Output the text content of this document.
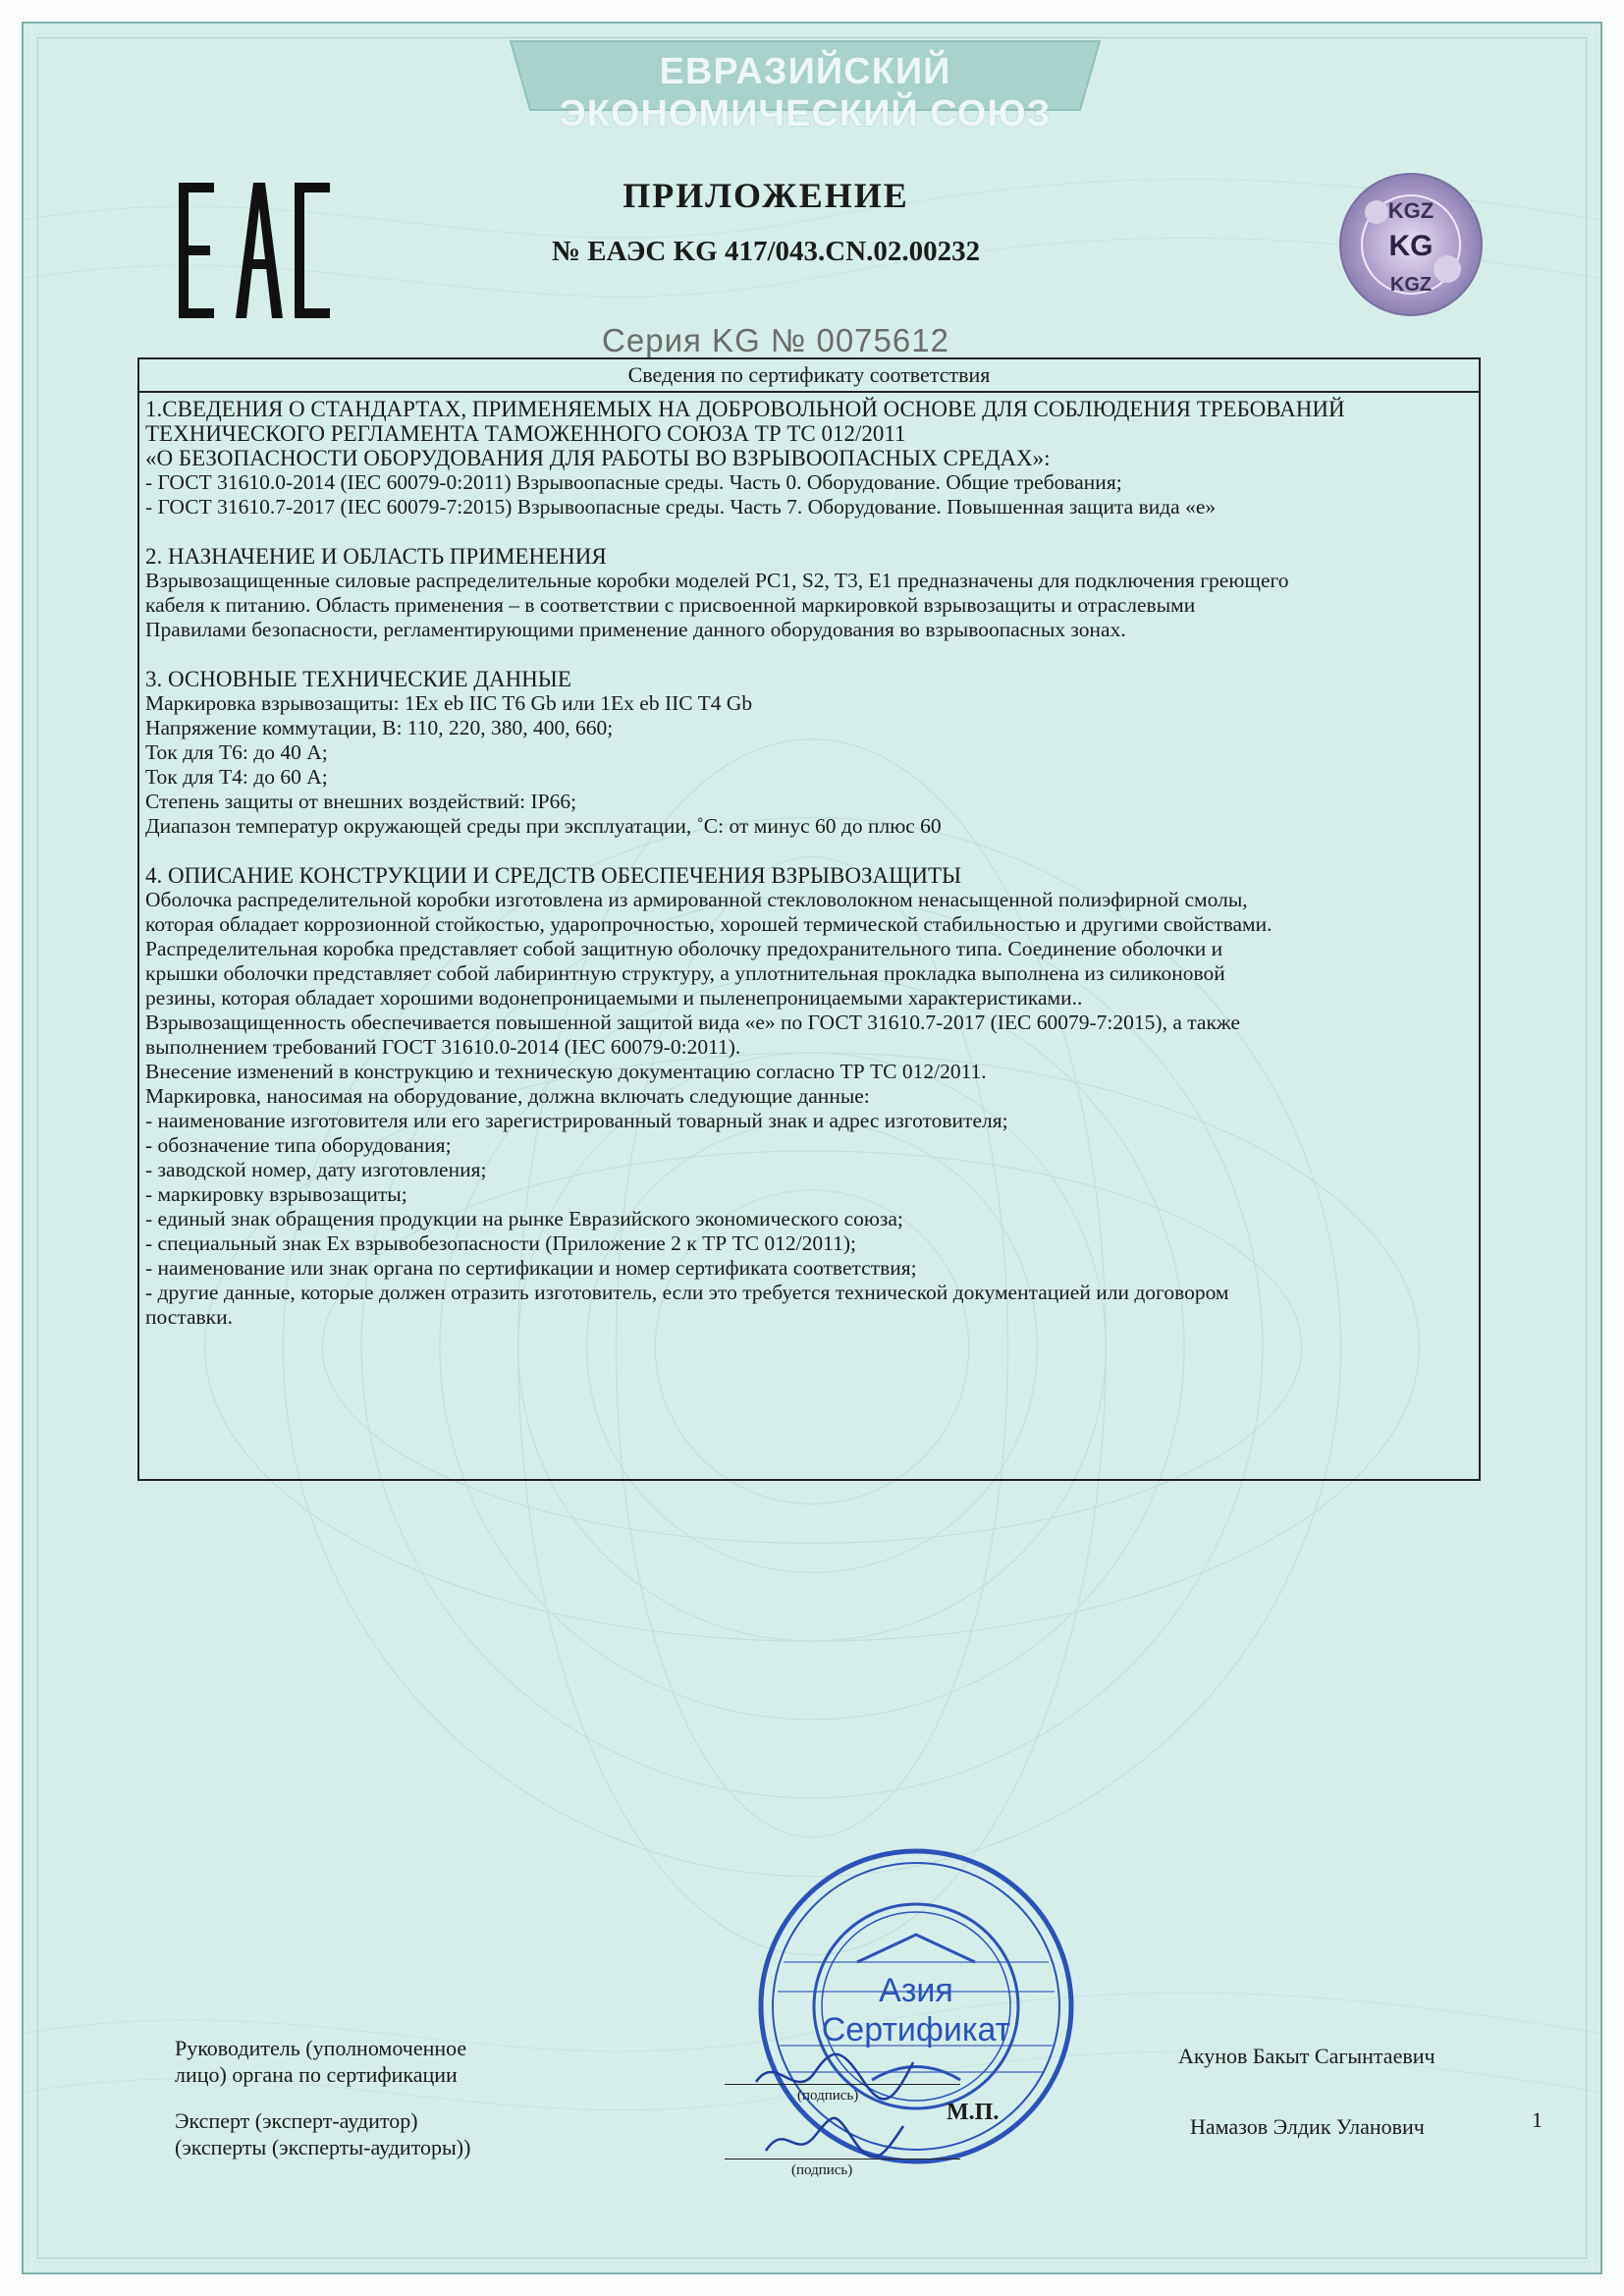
ЕВРАЗИЙСКИЙ ЭКОНОМИЧЕСКИЙ СОЮЗ
KGZ
KG
KGZ
ПРИЛОЖЕНИЕ
№ ЕАЭС KG 417/043.CN.02.00232
Серия KG № 0075612
Сведения по сертификату соответствия
1.СВЕДЕНИЯ О СТАНДАРТАХ, ПРИМЕНЯЕМЫХ НА ДОБРОВОЛЬНОЙ ОСНОВЕ ДЛЯ СОБЛЮДЕНИЯ ТРЕБОВАНИЙ
ТЕХНИЧЕСКОГО РЕГЛАМЕНТА ТАМОЖЕННОГО СОЮЗА ТР ТС 012/2011
«О БЕЗОПАСНОСТИ ОБОРУДОВАНИЯ ДЛЯ РАБОТЫ ВО ВЗРЫВООПАСНЫХ СРЕДАХ»:
- ГОСТ 31610.0-2014 (IEC 60079-0:2011) Взрывоопасные среды. Часть 0. Оборудование. Общие требования;
- ГОСТ 31610.7-2017 (IEC 60079-7:2015) Взрывоопасные среды. Часть 7. Оборудование. Повышенная защита вида «е»
2. НАЗНАЧЕНИЕ И ОБЛАСТЬ ПРИМЕНЕНИЯ
Взрывозащищенные силовые распределительные коробки моделей PC1, S2, T3, E1 предназначены для подключения греющего
кабеля к питанию. Область применения – в соответствии с присвоенной маркировкой взрывозащиты и отраслевыми
Правилами безопасности, регламентирующими применение данного оборудования во взрывоопасных зонах.
3. ОСНОВНЫЕ ТЕХНИЧЕСКИЕ ДАННЫЕ
Маркировка взрывозащиты: 1Ex eb IIC T6 Gb или 1Ex eb IIC T4 Gb
Напряжение коммутации, В: 110, 220, 380, 400, 660;
Ток для Т6: до 40 А;
Ток для Т4: до 60 А;
Степень защиты от внешних воздействий: IP66;
Диапазон температур окружающей среды при эксплуатации, ˚С: от минус 60 до плюс 60
4. ОПИСАНИЕ КОНСТРУКЦИИ И СРЕДСТВ ОБЕСПЕЧЕНИЯ ВЗРЫВОЗАЩИТЫ
Оболочка распределительной коробки изготовлена из армированной стекловолокном ненасыщенной полиэфирной смолы,
которая обладает коррозионной стойкостью, ударопрочностью, хорошей термической стабильностью и другими свойствами.
Распределительная коробка представляет собой защитную оболочку предохранительного типа. Соединение оболочки и
крышки оболочки представляет собой лабиринтную структуру, а уплотнительная прокладка выполнена из силиконовой
резины, которая обладает хорошими водонепроницаемыми и пыленепроницаемыми характеристиками..
Взрывозащищенность обеспечивается повышенной защитой вида «е» по ГОСТ 31610.7-2017 (IEC 60079-7:2015), а также
выполнением требований ГОСТ 31610.0-2014 (IEC 60079-0:2011).
Внесение изменений в конструкцию и техническую документацию согласно ТР ТС 012/2011.
Маркировка, наносимая на оборудование, должна включать следующие данные:
- наименование изготовителя или его зарегистрированный товарный знак и адрес изготовителя;
- обозначение типа оборудования;
- заводской номер, дату изготовления;
- маркировку взрывозащиты;
- единый знак обращения продукции на рынке Евразийского экономического союза;
- специальный знак Ex взрывобезопасности (Приложение 2 к ТР ТС 012/2011);
- наименование или знак органа по сертификации и номер сертификата соответствия;
- другие данные, которые должен отразить изготовитель, если это требуется технической документацией или договором
поставки.
Азия
Сертификат
Руководитель (уполномоченное
лицо) органа по сертификации
(подпись)
Акунов Бакыт Сагынтаевич
Эксперт (эксперт-аудитор)
(эксперты (эксперты-аудиторы))
(подпись)
Намазов Элдик Уланович
М.П.	1
